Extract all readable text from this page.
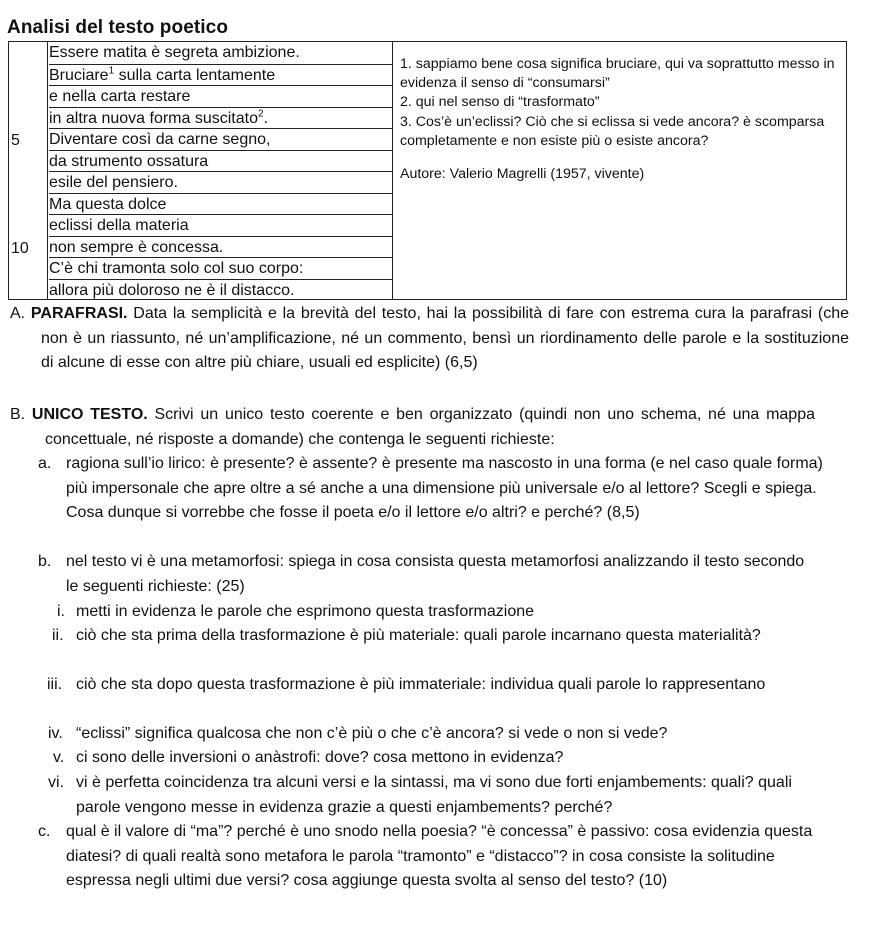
Analisi del testo poetico
5
10
Essere matita è segreta ambizione.
Bruciare$^1$ sulla carta lentamente
e nella carta restare
in altra nuova forma suscitato$^2$.
Diventare così da carne segno,
da strumento ossatura
esile del pensiero.
Ma questa dolce
eclissi della materia
non sempre è concessa.
C’è chi tramonta solo col suo corpo:
allora più doloroso ne è il distacco.

1. sappiamo bene cosa significa bruciare, qui va soprattutto messo in evidenza il senso di “consumarsi”

2. qui nel senso di “trasformato”

3. Cos’è un’eclissi? Ciò che si eclissa si vede ancora? è scomparsa completamente e non esiste più o esiste ancora?

Autore: Valerio Magrelli (1957, vivente)

A. PARAFRASI. Data la semplicità e la brevità del testo, hai la possibilità di fare con estrema cura la parafrasi (che non è un riassunto, né un’amplificazione, né un commento, bensì un riordinamento delle parole e la sostituzione di alcune di esse con altre più chiare, usuali ed esplicite) (6,5)
B. UNICO TESTO. Scrivi un unico testo coerente e ben organizzato (quindi non uno schema, né una mappa concettuale, né risposte a domande) che contenga le seguenti richieste:
a. ragiona sull’io lirico: è presente? è assente? è presente ma nascosto in una forma (e nel caso quale forma) più impersonale che apre oltre a sé anche a una dimensione più universale e/o al lettore? Scegli e spiega. Cosa dunque si vorrebbe che fosse il poeta e/o il lettore e/o altri? e perché? (8,5)
b. nel testo vi è una metamorfosi: spiega in cosa consista questa metamorfosi analizzando il testo secondo le seguenti richieste: (25)
i. metti in evidenza le parole che esprimono questa trasformazione
ii. ciò che sta prima della trasformazione è più materiale: quali parole incarnano questa materialità?
iii. ciò che sta dopo questa trasformazione è più immateriale: individua quali parole lo rappresentano
iv. “eclissi” significa qualcosa che non c’è più o che c’è ancora? si vede o non si vede?
v. ci sono delle inversioni o anàstrofi: dove? cosa mettono in evidenza?
vi. vi è perfetta coincidenza tra alcuni versi e la sintassi, ma vi sono due forti enjambements: quali? quali parole vengono messe in evidenza grazie a questi enjambements? perché?
c. qual è il valore di “ma”? perché è uno snodo nella poesia? “è concessa” è passivo: cosa evidenzia questa diatesi? di quali realtà sono metafora le parola “tramonto” e “distacco”? in cosa consiste la solitudine espressa negli ultimi due versi? cosa aggiunge questa svolta al senso del testo? (10)
